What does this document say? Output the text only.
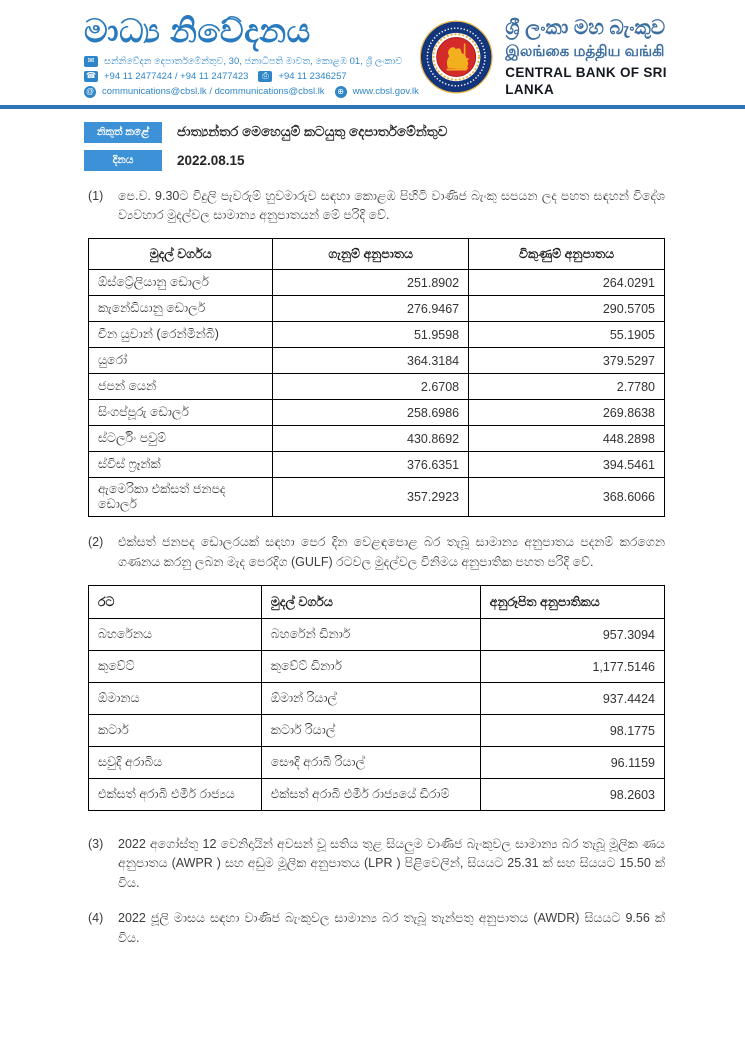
මාධ්‍ය නිවේදනය
✉	සන්නිවේදන දෙපාර්තමේන්තුව, 30, ජනාධිපති මාවත, කොළඹ 01, ශ්‍රී ලංකාව
☎ +94 11 2477424 / +94 11 2477423	⎙	+94 11 2346257
@ communications@cbsl.lk / dcommunications@cbsl.lk	⊕ www.cbsl.gov.lk
ශ්‍රී ලංකා මහ බැංකුව
இலங்கை மத்திய வங்கி
CENTRAL BANK OF SRI LANKA
නිකුත් කළේ	ජාත්‍යන්තර මෙහෙයුම් කටයුතු දෙපාර්තමේන්තුව
දිනය	2022.08.15
(1)	පෙ.ව. 9.30ට විදුලි පැවරුම් හුවමාරුව සඳහා කොළඹ පිහිටි වාණිජ බැංකු සපයන ලද පහත සඳහන් විදේශ ව්‍යවහාර මුදල්වල සාමාන්‍ය අනුපාතයන් මේ පරිදි වේ.
මුදල් වර්ගය	ගැනුම් අනුපාතය	විකුණුම් අනුපාතය
ඕස්ට්‍රේලියානු ඩොලර්	251.8902	264.0291
කැනේඩියානු ඩොලර්	276.9467	290.5705
චීන යුවාන් (රෙන්මින්බි)	51.9598	55.1905
යුරෝ	364.3184	379.5297
ජපන් යෙන්	2.6708	2.7780
සිංගප්පූරු ඩොලර්	258.6986	269.8638
ස්ටර්ලිං පවුම්	430.8692	448.2898
ස්විස් ෆ්‍රෑන්ක්	376.6351	394.5461
ඇමෙරිකා එක්සත් ජනපද ඩොලර්	357.2923	368.6066
(2)	එක්සත් ජනපද ඩොලරයක් සඳහා පෙර දින වෙළඳපොළ බර තැබූ සාමාන්‍ය අනුපාතය පදනම් කරගෙන ගණනය කරනු ලබන මැද පෙරදිග (GULF) රටවල මුදල්වල විනිමය අනුපාතික පහත පරිදි වේ.
රට	මුදල් වර්ගය	අනුරූපිත අනුපාතිකය
බහරේනය	බහරේන් ඩිනාර්	957.3094
කුවේට්	කුවේට් ඩිනාර්	1,177.5146
ඕමානය	ඕමාන් රියාල්	937.4424
කටාර්	කටාර් රියාල්	98.1775
සවුදි අරාබිය	සෞදි අරාබි රියාල්	96.1159
එක්සත් අරාබි එමීර් රාජ්‍යය	එක්සත් අරාබි එමීර් රාජ්‍යයේ ඩිරාම්	98.2603
(3)	2022 අගෝස්තු 12 වෙනිදායින් අවසන් වූ සතිය තුළ සියලුම වාණිජ බැංකුවල සාමාන්‍ය බර තැබූ මූලික ණය අනුපාතය (AWPR ) සහ අඩුම මූලික අනුපාතය (LPR ) පිළිවෙලින්, සියයට 25.31 ක් සහ සියයට 15.50 ක් විය.
(4)	2022 ජූලි මාසය සඳහා වාණිජ බැංකුවල සාමාන්‍ය බර තැබූ තැන්පතු අනුපාතය (AWDR) සියයට 9.56 ක් විය.
